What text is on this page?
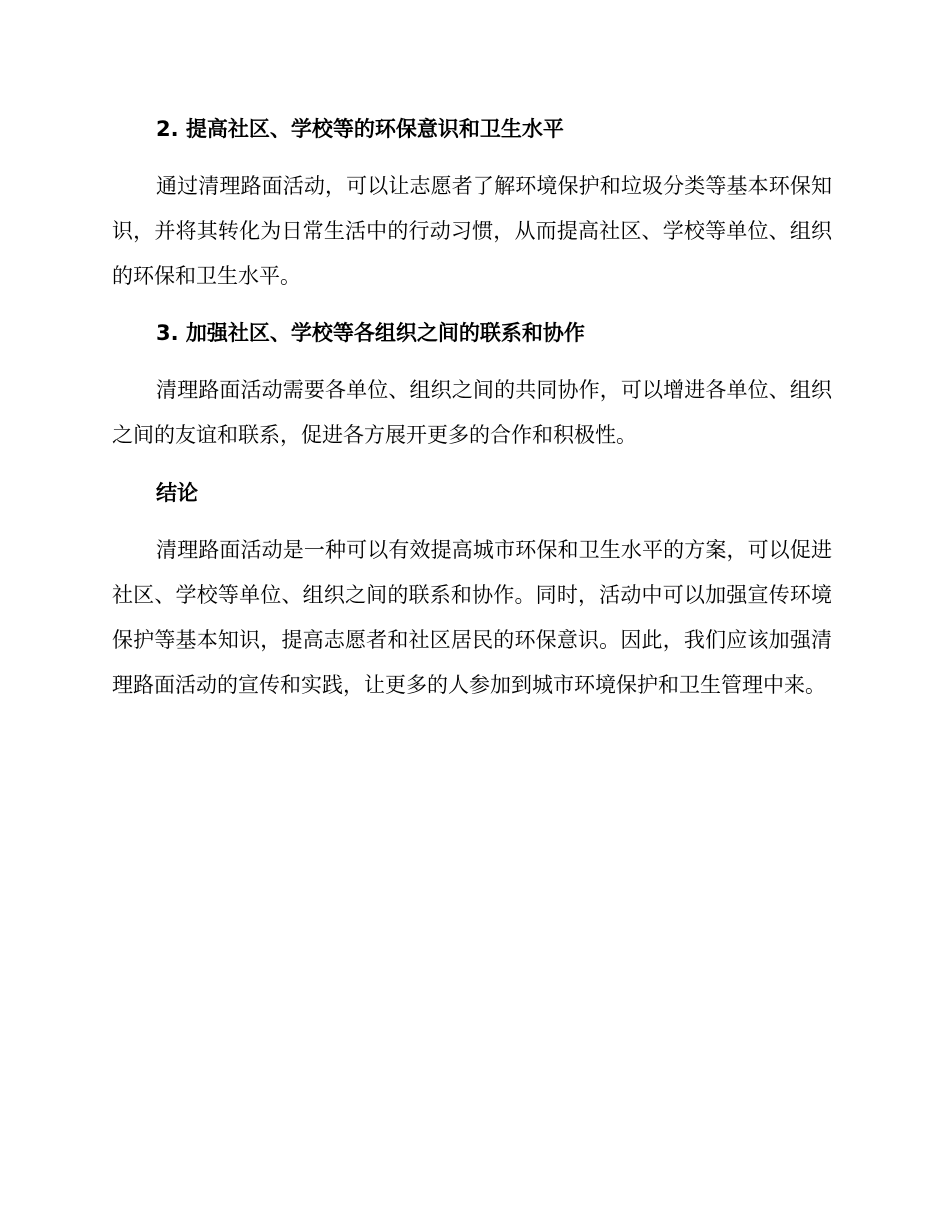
2. 提高社区、学校等的环保意识和卫生水平
通过清理路面活动，可以让志愿者了解环境保护和垃圾分类等基本环保知识，并将其转化为日常生活中的行动习惯，从而提高社区、学校等单位、组织的环保和卫生水平。
3. 加强社区、学校等各组织之间的联系和协作
清理路面活动需要各单位、组织之间的共同协作，可以增进各单位、组织之间的友谊和联系，促进各方展开更多的合作和积极性。
结论
清理路面活动是一种可以有效提高城市环保和卫生水平的方案，可以促进社区、学校等单位、组织之间的联系和协作。同时，活动中可以加强宣传环境保护等基本知识，提高志愿者和社区居民的环保意识。因此，我们应该加强清理路面活动的宣传和实践，让更多的人参加到城市环境保护和卫生管理中来。
